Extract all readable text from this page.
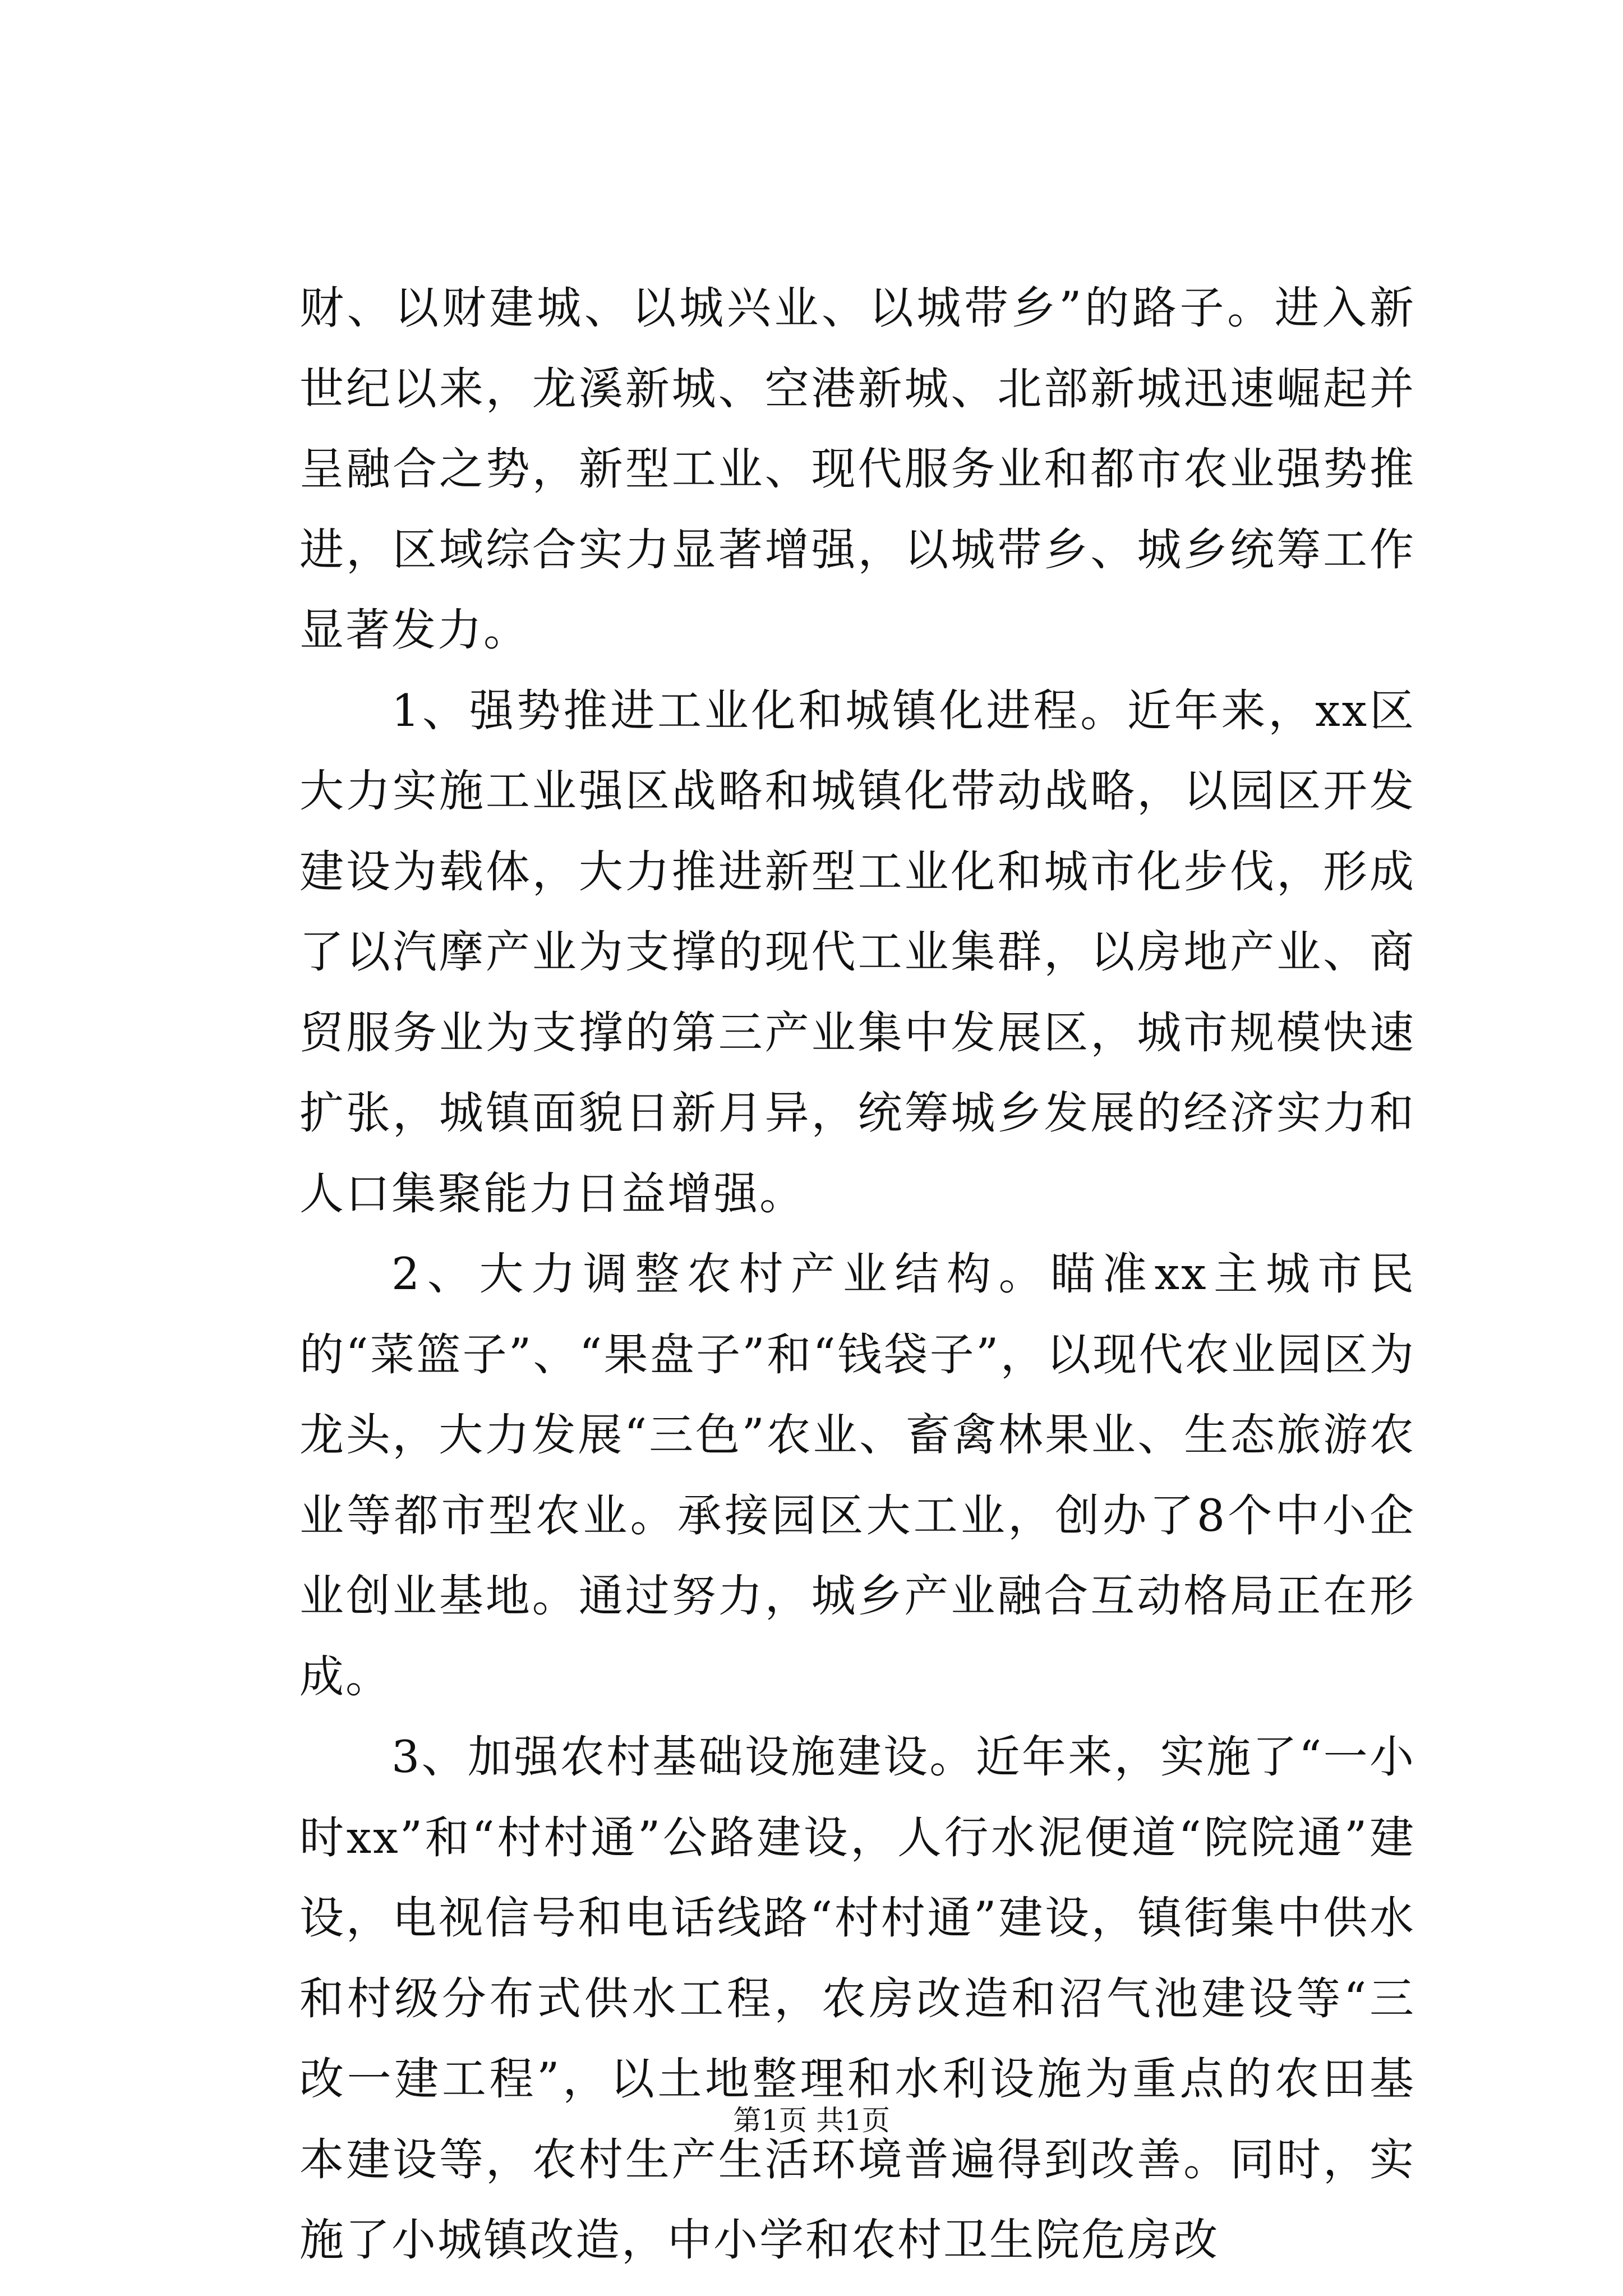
财、以财建城、以城兴业、以城带乡”的路子。进入新世纪以来，龙溪新城、空港新城、北部新城迅速崛起并呈融合之势，新型工业、现代服务业和都市农业强势推进，区域综合实力显著增强，以城带乡、城乡统筹工作显著发力。

1、强势推进工业化和城镇化进程。近年来，xx区大力实施工业强区战略和城镇化带动战略，以园区开发建设为载体，大力推进新型工业化和城市化步伐，形成了以汽摩产业为支撑的现代工业集群，以房地产业、商贸服务业为支撑的第三产业集中发展区，城市规模快速扩张，城镇面貌日新月异，统筹城乡发展的经济实力和人口集聚能力日益增强。

2、大力调整农村产业结构。瞄准xx主城市民的“菜篮子”、“果盘子”和“钱袋子”，以现代农业园区为龙头，大力发展“三色”农业、畜禽林果业、生态旅游农业等都市型农业。承接园区大工业，创办了8个中小企业创业基地。通过努力，城乡产业融合互动格局正在形成。

3、加强农村基础设施建设。近年来，实施了“一小时xx”和“村村通”公路建设，人行水泥便道“院院通”建设，电视信号和电话线路“村村通”建设，镇街集中供水和村级分布式供水工程，农房改造和沼气池建设等“三改一建工程”，以土地整理和水利设施为重点的农田基本建设等，农村生产生活环境普遍得到改善。同时，实施了小城镇改造，中小学和农村卫生院危房改

第1页 共1页
